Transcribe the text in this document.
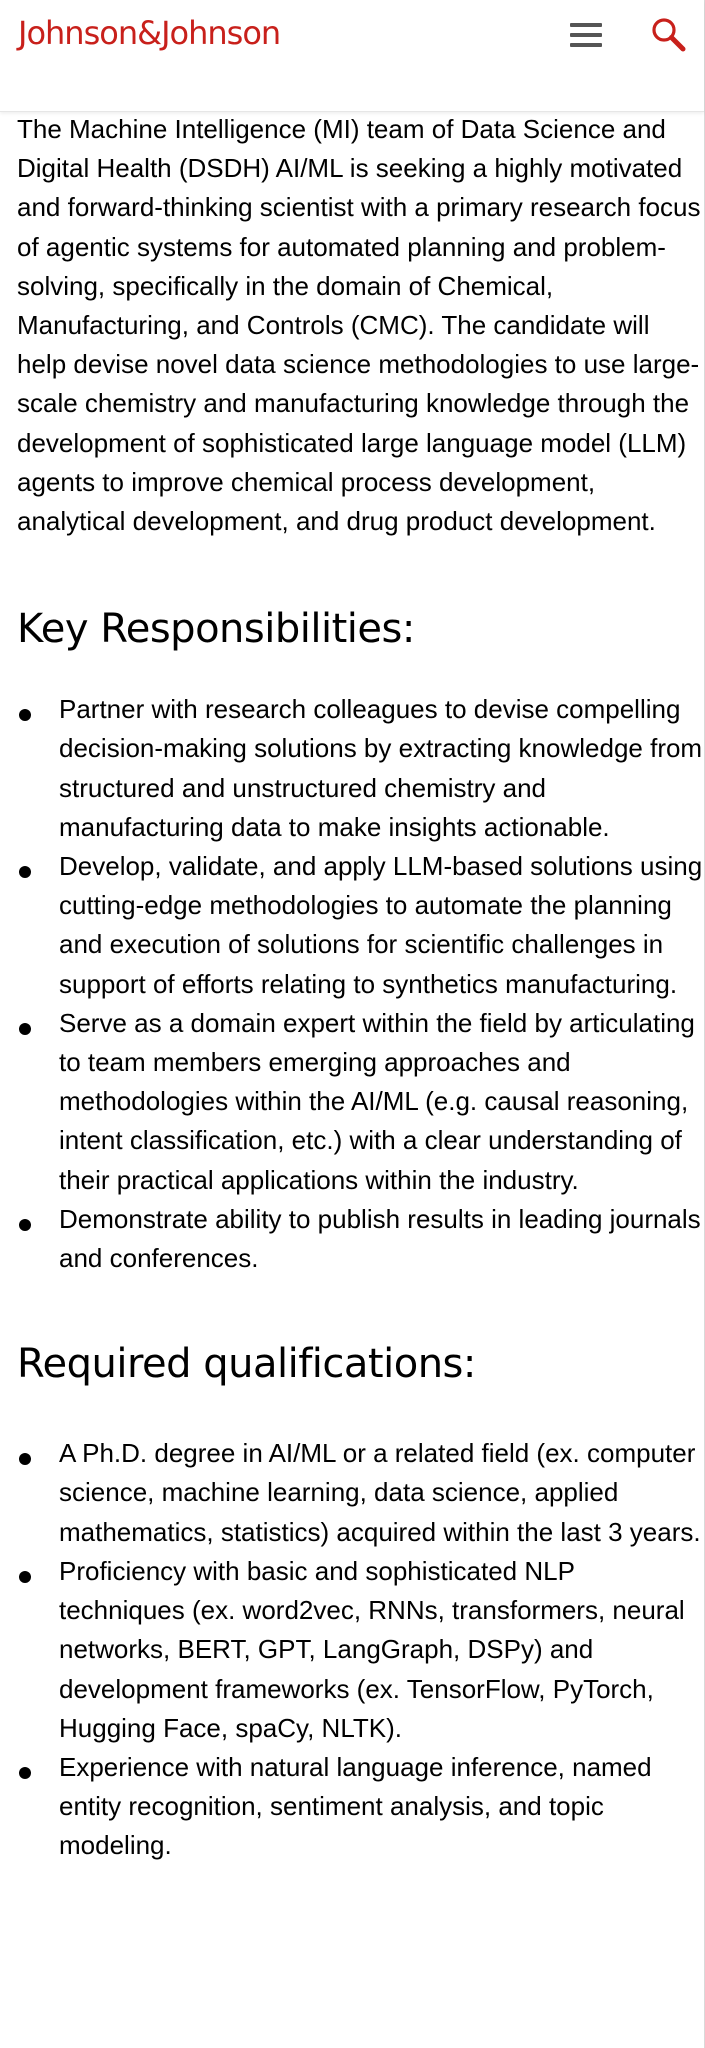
Johnson&Johnson

The Machine Intelligence (MI) team of Data Science and Digital Health (DSDH) AI/ML is seeking a highly motivated and forward-thinking scientist with a primary research focus of agentic systems for automated planning and problem-solving, specifically in the domain of Chemical, Manufacturing, and Controls (CMC). The candidate will help devise novel data science methodologies to use large-scale chemistry and manufacturing knowledge through the development of sophisticated large language model (LLM) agents to improve chemical process development, analytical development, and drug product development.

Key Responsibilities:
Partner with research colleagues to devise compelling decision-making solutions by extracting knowledge from structured and unstructured chemistry and manufacturing data to make insights actionable.
Develop, validate, and apply LLM-based solutions using cutting-edge methodologies to automate the planning and execution of solutions for scientific challenges in support of efforts relating to synthetics manufacturing.
Serve as a domain expert within the field by articulating to team members emerging approaches and methodologies within the AI/ML (e.g. causal reasoning, intent classification, etc.) with a clear understanding of their practical applications within the industry.
Demonstrate ability to publish results in leading journals and conferences.
Required qualifications:
A Ph.D. degree in AI/ML or a related field (ex. computer science, machine learning, data science, applied mathematics, statistics) acquired within the last 3 years.
Proficiency with basic and sophisticated NLP techniques (ex. word2vec, RNNs, transformers, neural networks, BERT, GPT, LangGraph, DSPy) and development frameworks (ex. TensorFlow, PyTorch, Hugging Face, spaCy, NLTK).
Experience with natural language inference, named entity recognition, sentiment analysis, and topic modeling.
